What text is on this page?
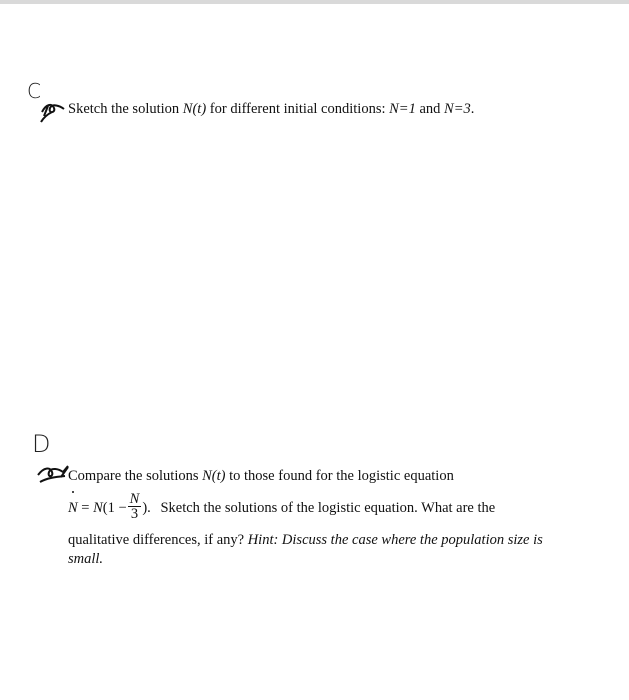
C
Sketch the solution N(t) for different initial conditions: N=1 and N=3.
D
Compare the solutions N(t) to those found for the logistic equation
$N = N(1 - \frac{N}{3}$ ). Sketch the solutions of the logistic equation. What are the
qualitative differences, if any? Hint: Discuss the case where the population size is
small.
